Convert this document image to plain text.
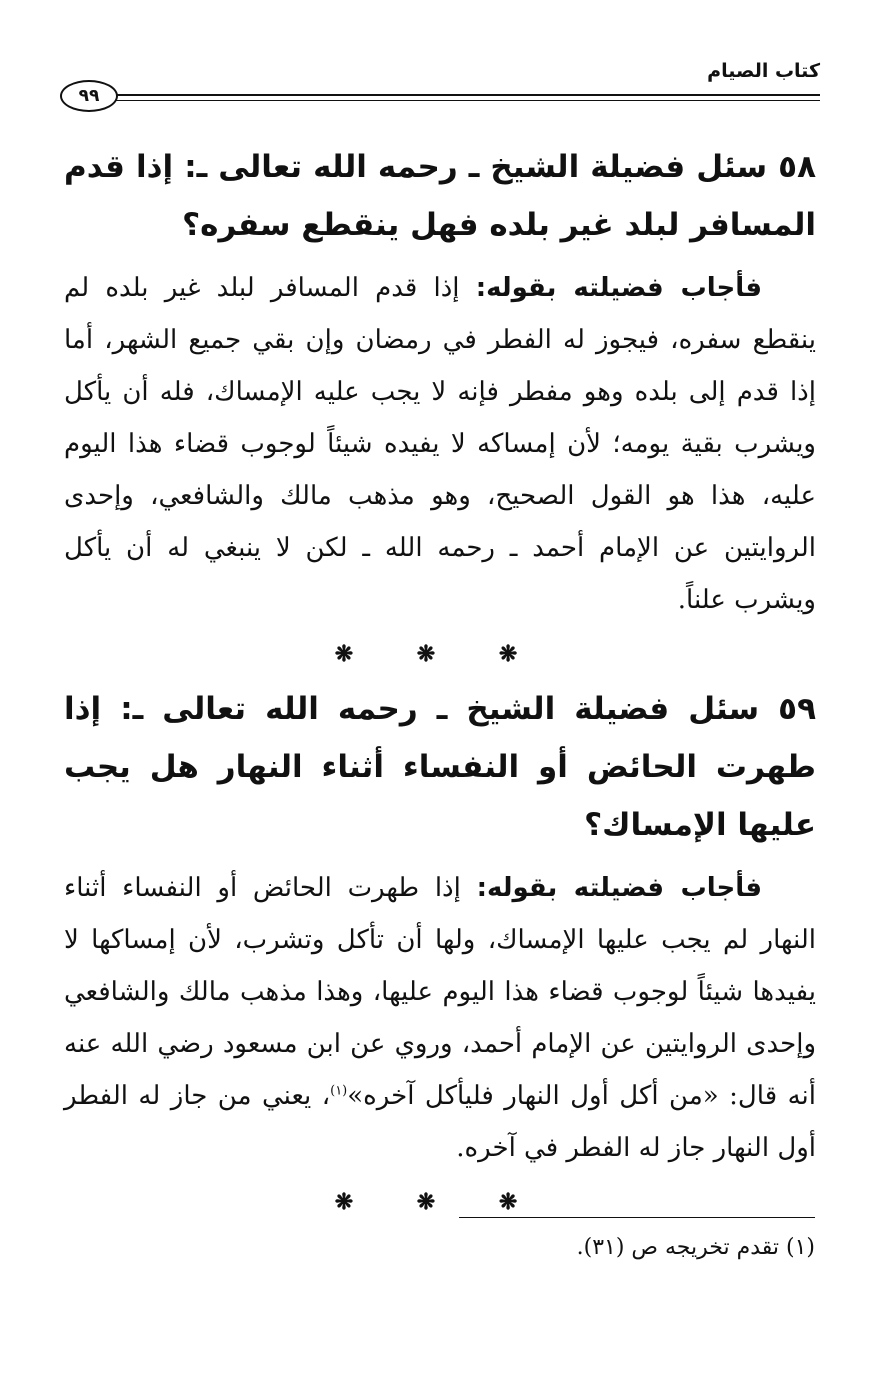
كتاب الصيام
٩٩

٥٨ سئل فضيلة الشيخ ـ رحمه الله تعالى ـ: إذا قدم المسافر لبلد غير بلده فهل ينقطع سفره؟

فأجاب فضيلته بقوله: إذا قدم المسافر لبلد غير بلده لم ينقطع سفره، فيجوز له الفطر في رمضان وإن بقي جميع الشهر، أما إذا قدم إلى بلده وهو مفطر فإنه لا يجب عليه الإمساك، فله أن يأكل ويشرب بقية يومه؛ لأن إمساكه لا يفيده شيئاً لوجوب قضاء هذا اليوم عليه، هذا هو القول الصحيح، وهو مذهب مالك والشافعي، وإحدى الروايتين عن الإمام أحمد ـ رحمه الله ـ لكن لا ينبغي له أن يأكل ويشرب علناً.

❋ ❋ ❋

٥٩ سئل فضيلة الشيخ ـ رحمه الله تعالى ـ: إذا طهرت الحائض أو النفساء أثناء النهار هل يجب عليها الإمساك؟

فأجاب فضيلته بقوله: إذا طهرت الحائض أو النفساء أثناء النهار لم يجب عليها الإمساك، ولها أن تأكل وتشرب، لأن إمساكها لا يفيدها شيئاً لوجوب قضاء هذا اليوم عليها، وهذا مذهب مالك والشافعي وإحدى الروايتين عن الإمام أحمد، وروي عن ابن مسعود رضي الله عنه أنه قال: «من أكل أول النهار فليأكل آخره»$^{(١)}$، يعني من جاز له الفطر أول النهار جاز له الفطر في آخره.

❋ ❋ ❋
(١) تقدم تخريجه ص (٣١).
